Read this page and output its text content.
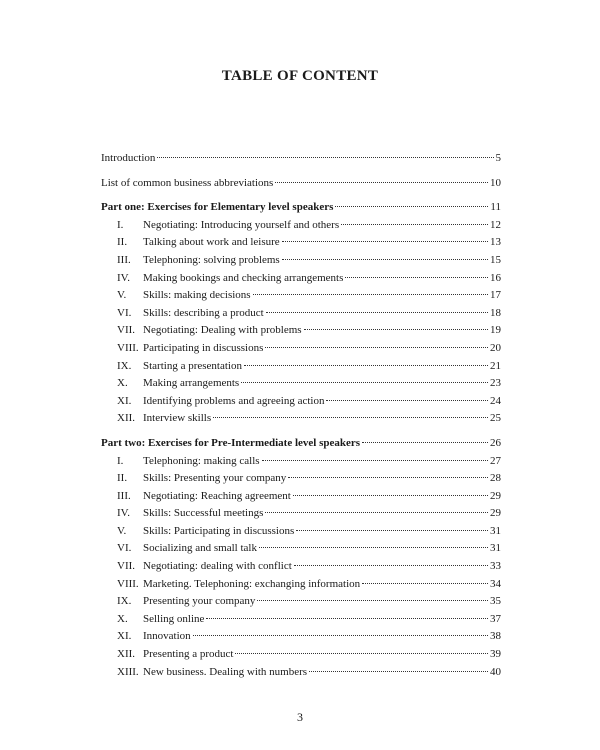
TABLE OF CONTENT
Introduction	5
List of common business abbreviations	10
Part one: Exercises for Elementary level speakers	11
I.	Negotiating: Introducing yourself and others	12
II.	Talking about work and leisure	13
III.	Telephoning: solving problems	15
IV.	Making bookings and checking arrangements	16
V.	Skills: making decisions	17
VI.	Skills: describing a product	18
VII. Negotiating: Dealing with problems	19
VIII. Participating in discussions	20
IX.	Starting a presentation	21
X.	Making arrangements	23
XI.	Identifying problems and agreeing action	24
XII. Interview skills	25
Part two: Exercises for Pre-Intermediate level speakers	26
I.	Telephoning: making calls	27
II.	Skills: Presenting your company	28
III.	Negotiating: Reaching agreement	29
IV.	Skills: Successful meetings	29
V.	Skills: Participating in discussions	31
VI.	Socializing and small talk	31
VII. Negotiating: dealing with conflict	33
VIII. Marketing. Telephoning: exchanging information	34
IX.	Presenting your company	35
X.	Selling online	37
XI.	Innovation	38
XII. Presenting a product	39
XIII. New business. Dealing with numbers	40
3
